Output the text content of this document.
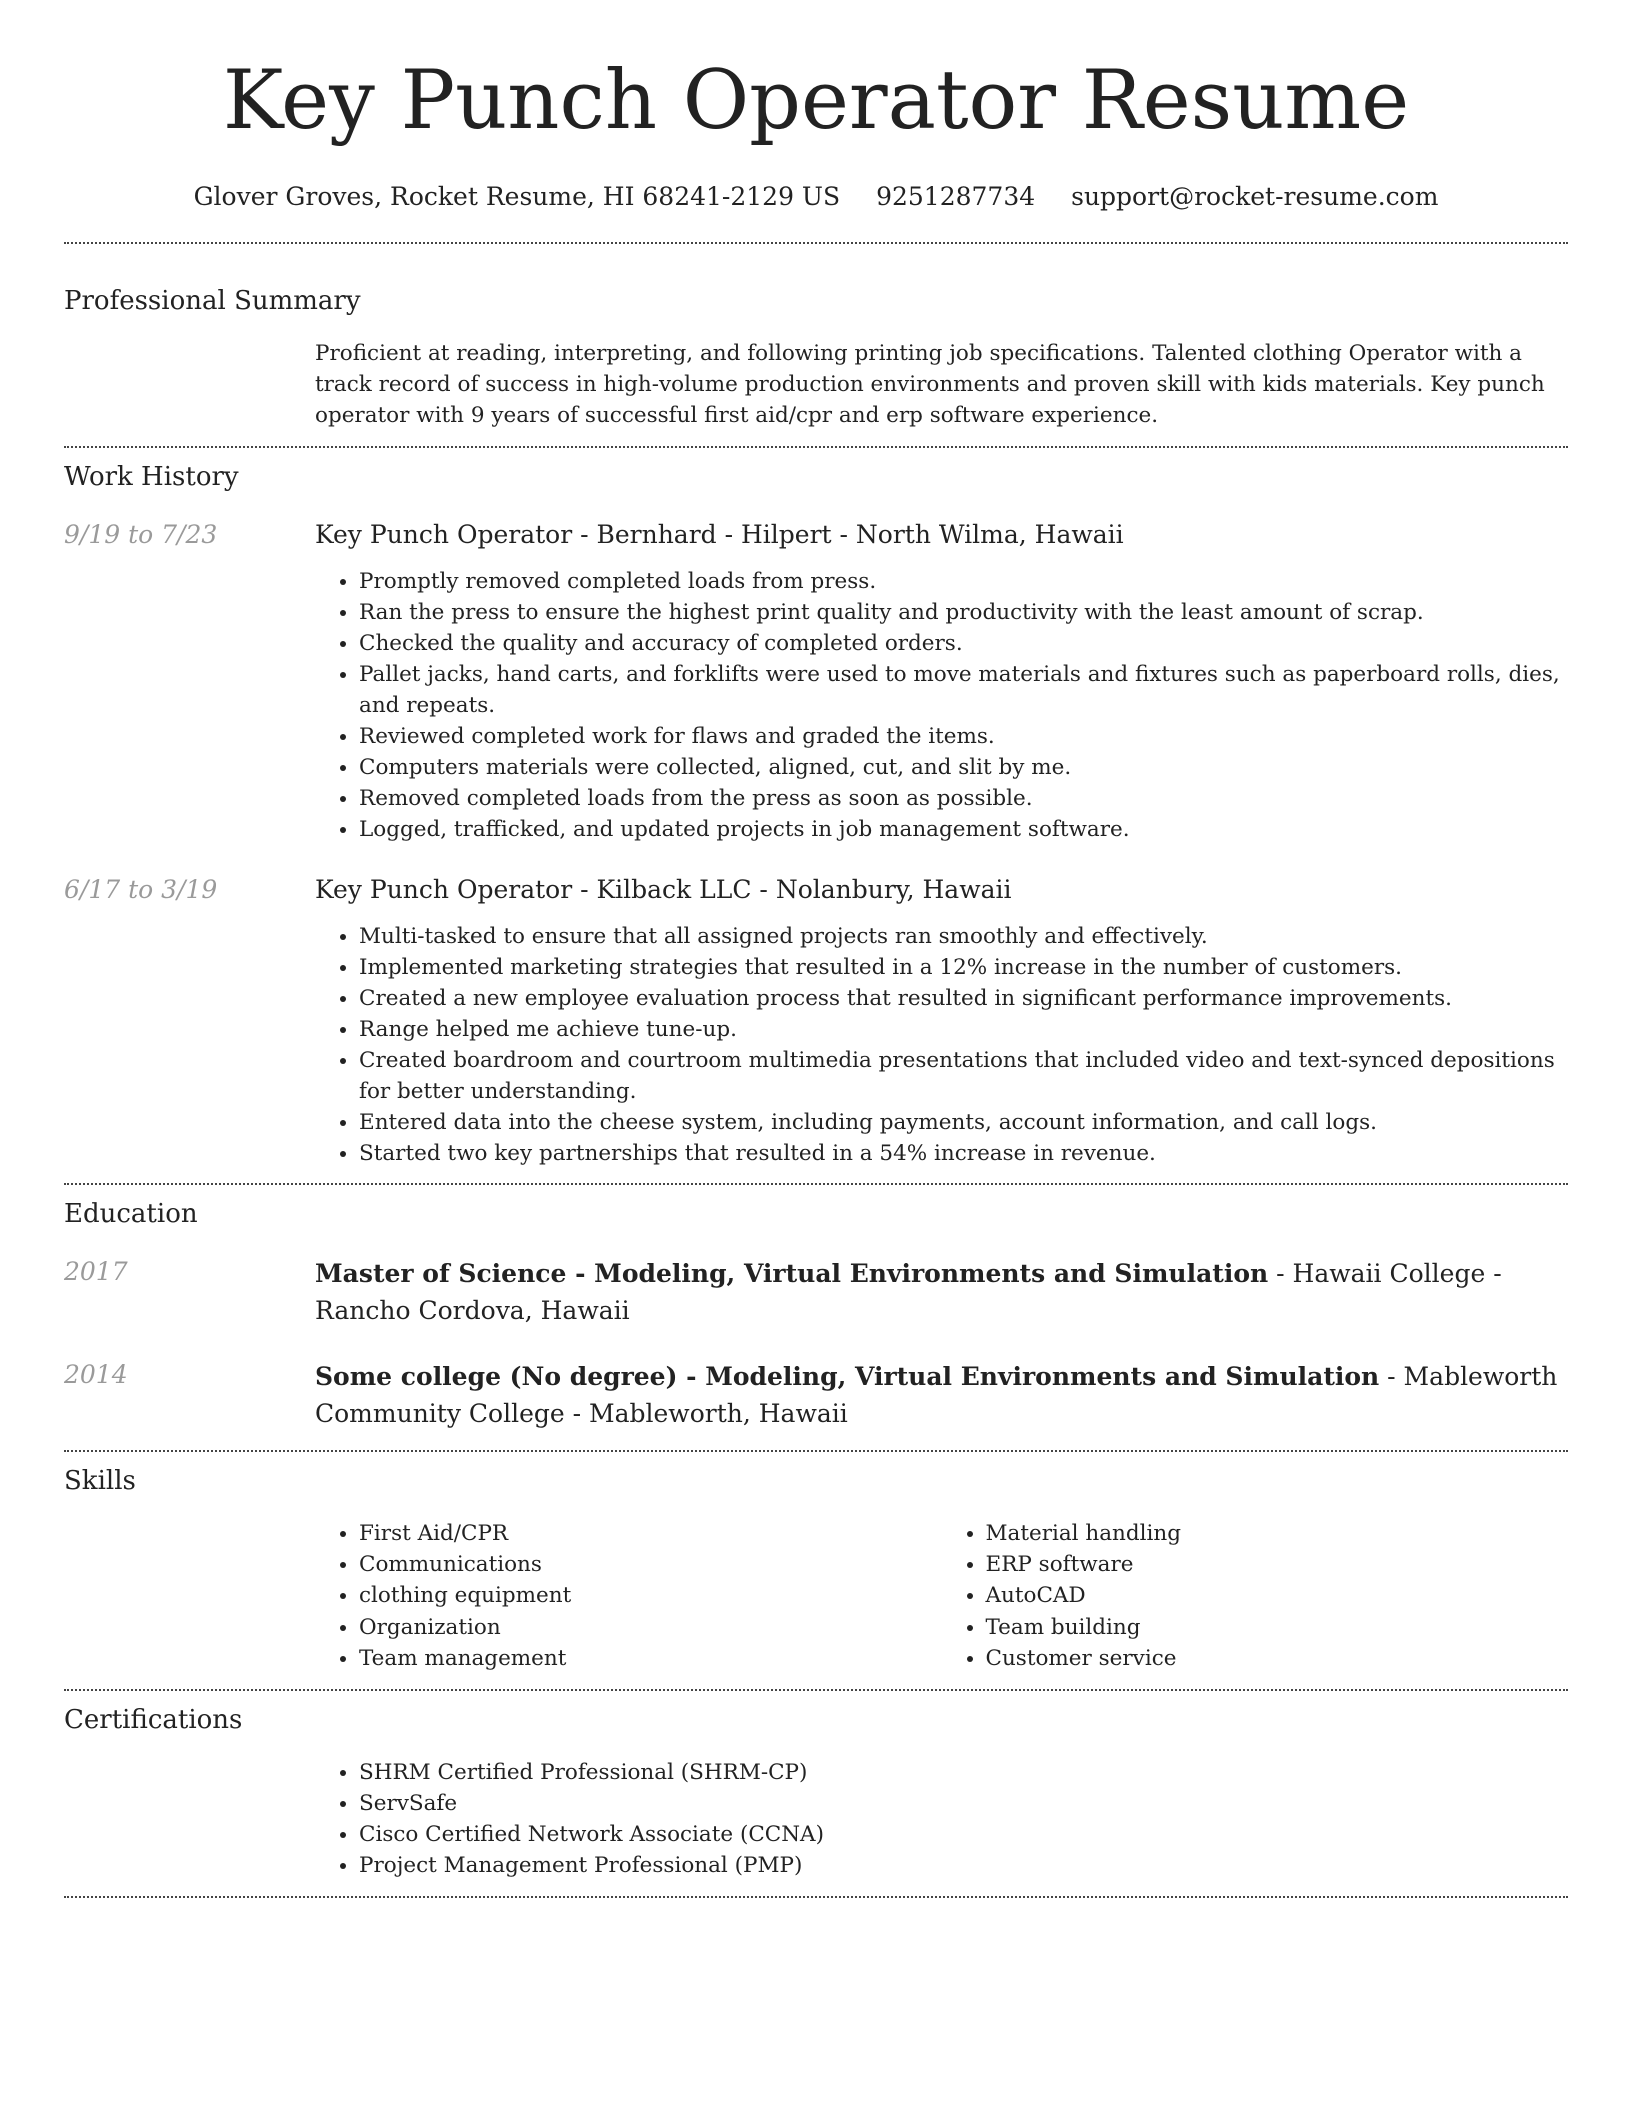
Key Punch Operator Resume
Glover Groves, Rocket Resume, HI 68241-2129 US 9251287734 support@rocket-resume.com
Professional Summary
Proficient at reading, interpreting, and following printing job specifications. Talented clothing Operator with a track record of success in high-volume production environments and proven skill with kids materials. Key punch operator with 9 years of successful first aid/cpr and erp software experience.
Work History
9/19 to 7/23	Key Punch Operator - Bernhard - Hilpert - North Wilma, Hawaii
• Promptly removed completed loads from press.
• Ran the press to ensure the highest print quality and productivity with the least amount of scrap.
• Checked the quality and accuracy of completed orders.
• Pallet jacks, hand carts, and forklifts were used to move materials and fixtures such as paperboard rolls, dies, and repeats.
• Reviewed completed work for flaws and graded the items.
• Computers materials were collected, aligned, cut, and slit by me.
• Removed completed loads from the press as soon as possible.
• Logged, trafficked, and updated projects in job management software.
6/17 to 3/19	Key Punch Operator - Kilback LLC - Nolanbury, Hawaii
• Multi-tasked to ensure that all assigned projects ran smoothly and effectively.
• Implemented marketing strategies that resulted in a 12% increase in the number of customers.
• Created a new employee evaluation process that resulted in significant performance improvements.
• Range helped me achieve tune-up.
• Created boardroom and courtroom multimedia presentations that included video and text-synced depositions for better understanding.
• Entered data into the cheese system, including payments, account information, and call logs.
• Started two key partnerships that resulted in a 54% increase in revenue.
Education
2017	Master of Science - Modeling, Virtual Environments and Simulation - Hawaii College - Rancho Cordova, Hawaii
2014	Some college (No degree) - Modeling, Virtual Environments and Simulation - Mableworth Community College - Mableworth, Hawaii
Skills
• First Aid/CPR
• Communications
• clothing equipment
• Organization
• Team management
• Material handling
• ERP software
• AutoCAD
• Team building
• Customer service
Certifications
• SHRM Certified Professional (SHRM-CP)
• ServSafe
• Cisco Certified Network Associate (CCNA)
• Project Management Professional (PMP)
